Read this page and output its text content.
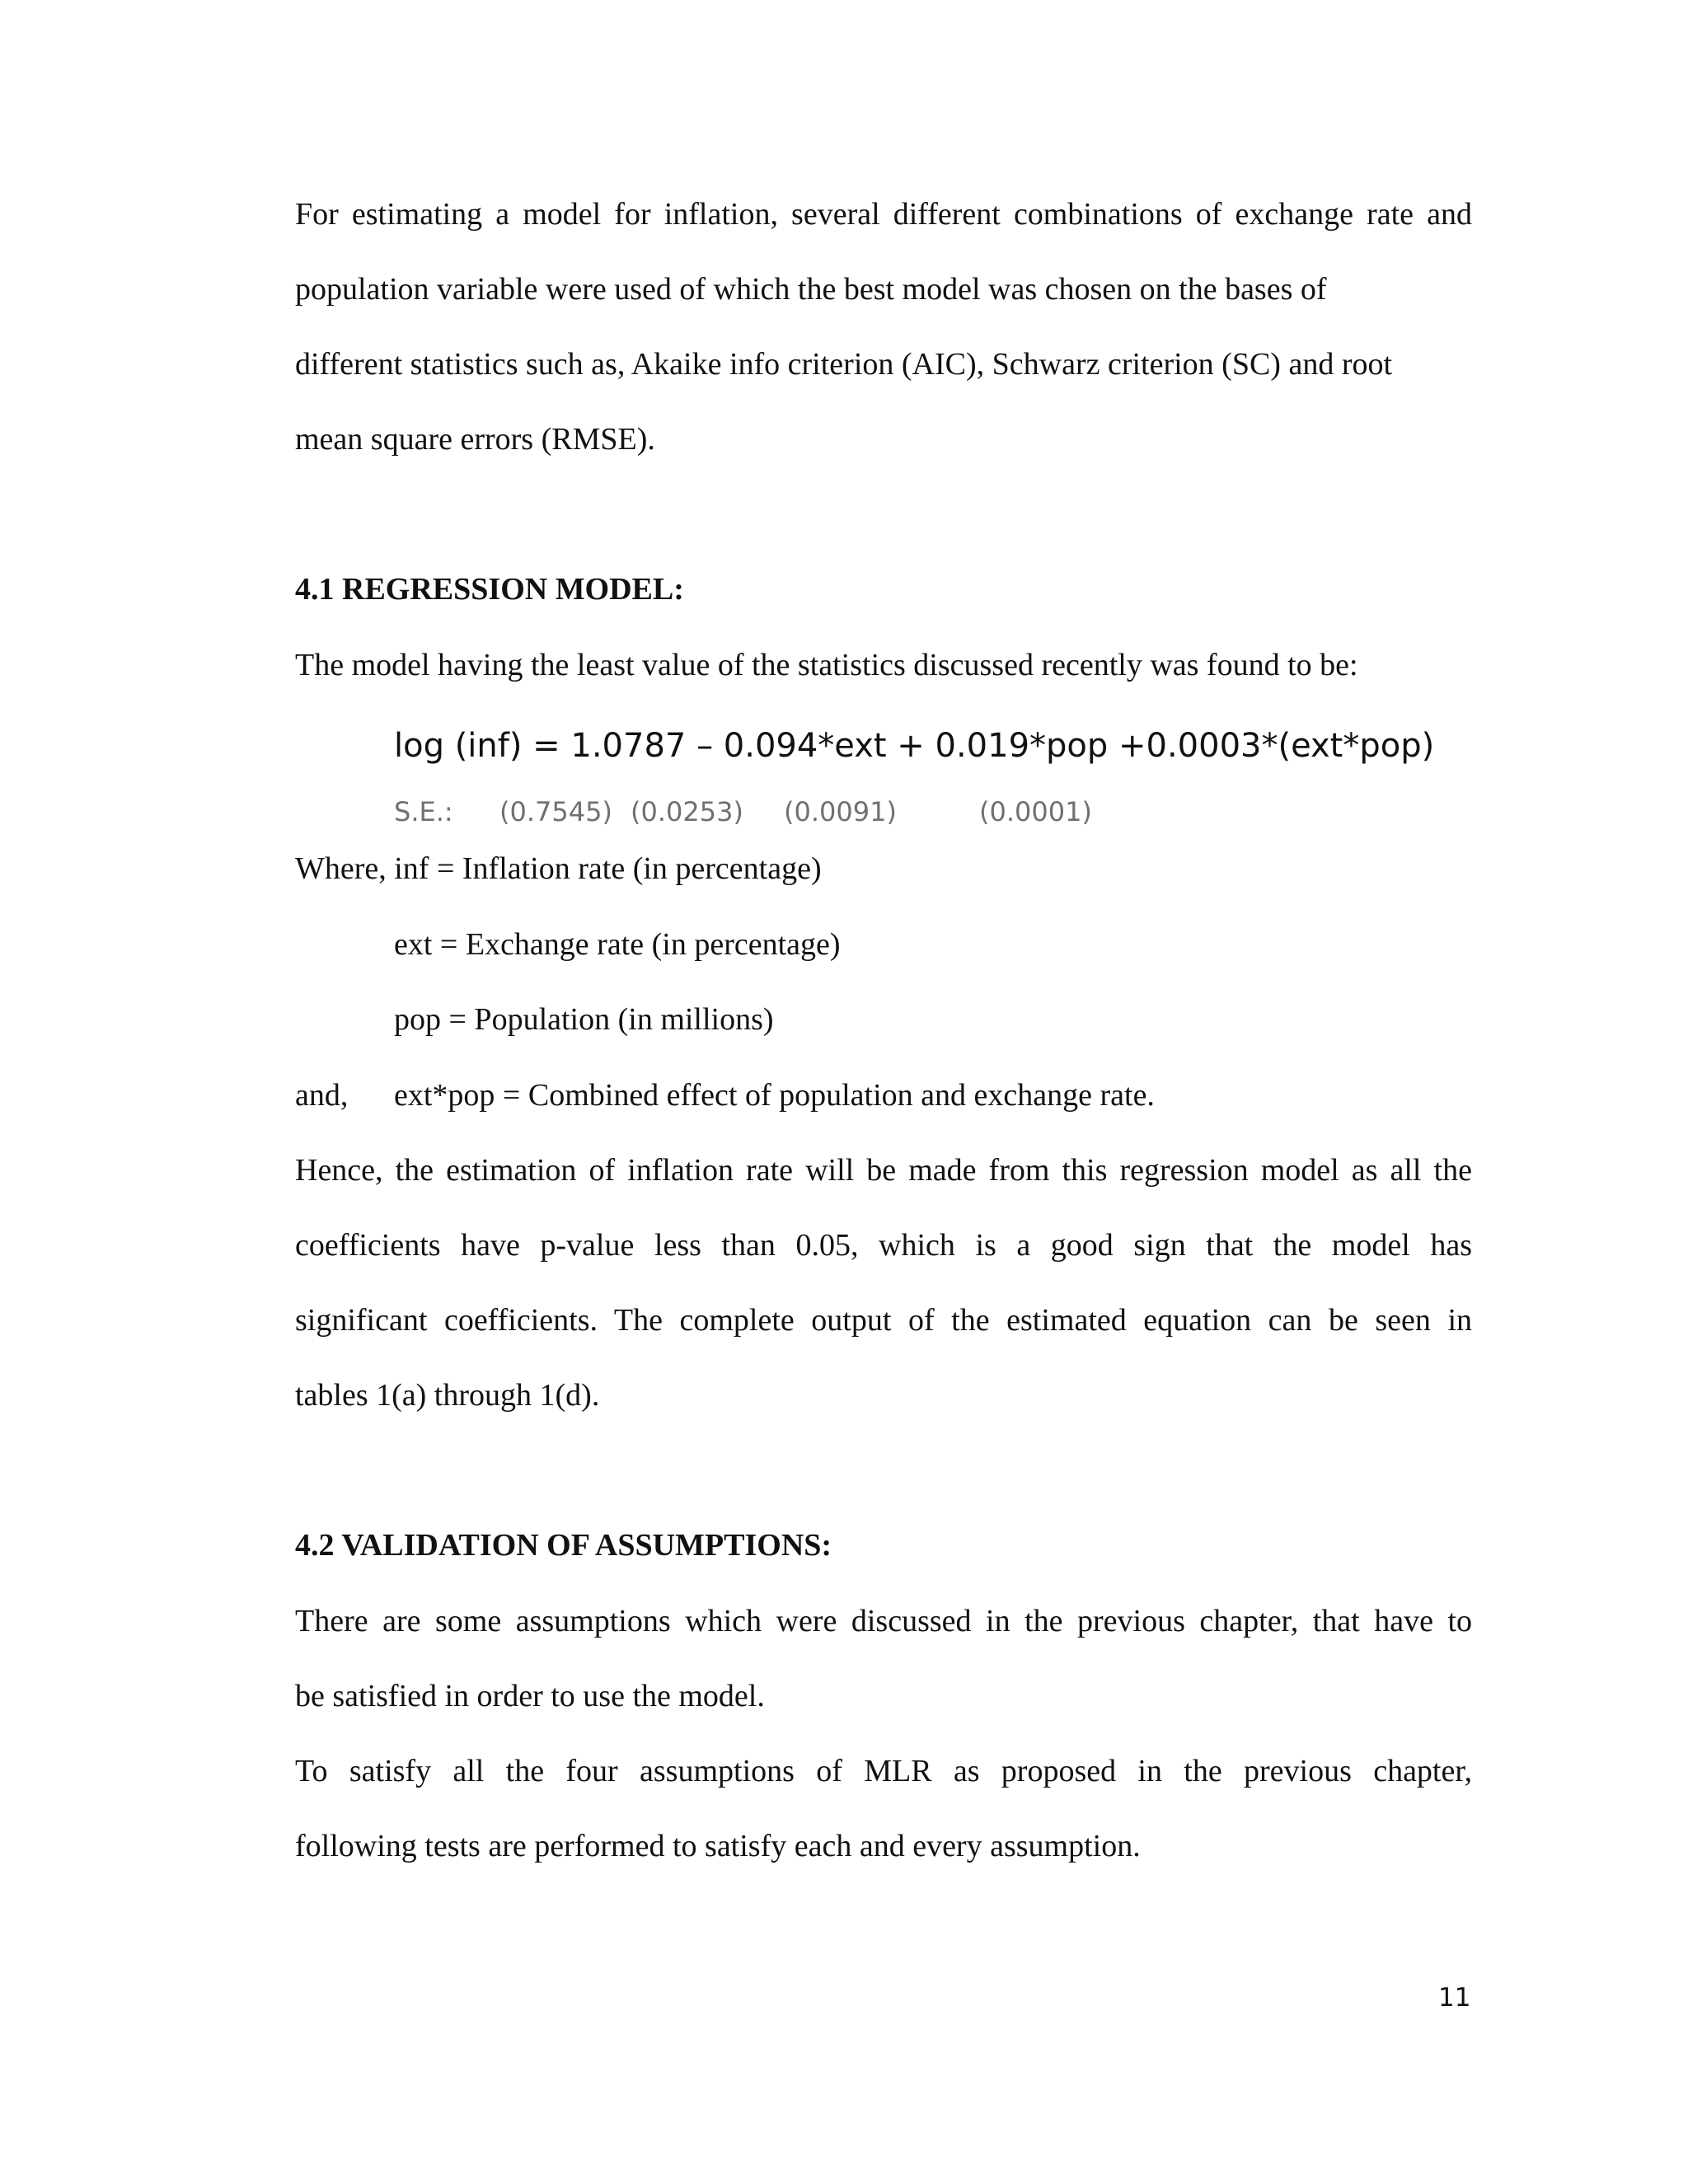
For estimating a model for inflation, several different combinations of exchange rate and
population variable were used of which the best model was chosen on the bases of
different statistics such as, Akaike info criterion (AIC), Schwarz criterion (SC) and root
mean square errors (RMSE).
4.1 REGRESSION MODEL:
The model having the least value of the statistics discussed recently was found to be:
log (inf) = 1.0787 – 0.094*ext + 0.019*pop +0.0003*(ext*pop)
S.E.: (0.7545) (0.0253) (0.0091)	(0.0001)
Where, inf = Inflation rate (in percentage)
ext = Exchange rate (in percentage)
pop = Population (in millions)
and, ext*pop = Combined effect of population and exchange rate.
Hence, the estimation of inflation rate will be made from this regression model as all the
coefficients have p-value less than 0.05, which is a good sign that the model has
significant coefficients. The complete output of the estimated equation can be seen in
tables 1(a) through 1(d).
4.2 VALIDATION OF ASSUMPTIONS:
There are some assumptions which were discussed in the previous chapter, that have to
be satisfied in order to use the model.
To satisfy all the four assumptions of MLR as proposed in the previous chapter,
following tests are performed to satisfy each and every assumption.
11
